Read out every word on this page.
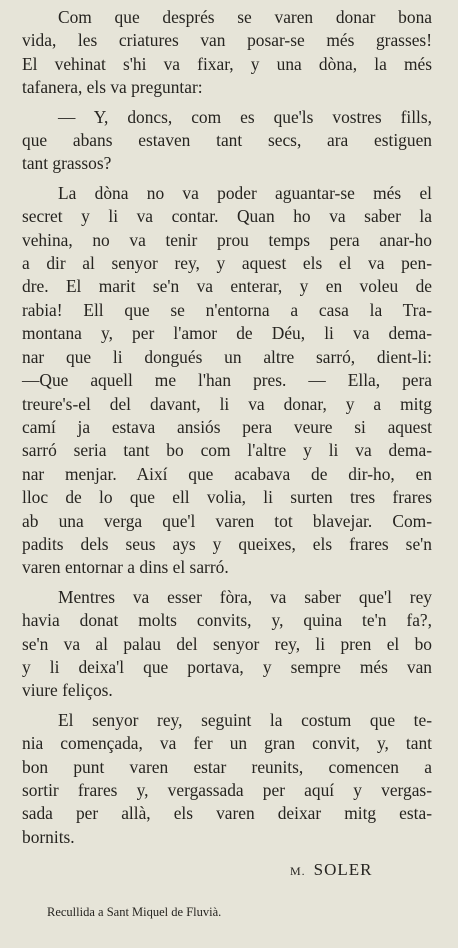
Com que després se varen donar bona
vida, les criatures van posar-se més grasses!
El vehinat s'hi va fixar, y una dòna, la més
tafanera, els va preguntar:
— Y, doncs, com es que'ls vostres fills,
que abans estaven tant secs, ara estiguen
tant grassos?
La dòna no va poder aguantar-se més el
secret y li va contar. Quan ho va saber la
vehina, no va tenir prou temps pera anar-ho
a dir al senyor rey, y aquest els el va pen-
dre. El marit se'n va enterar, y en voleu de
rabia! Ell que se n'entorna a casa la Tra-
montana y, per l'amor de Déu, li va dema-
nar que li dongués un altre sarró, dient-li:
—Que aquell me l'han pres. — Ella, pera
treure's-el del davant, li va donar, y a mitg
camí ja estava ansiós pera veure si aquest
sarró seria tant bo com l'altre y li va dema-
nar menjar. Així que acabava de dir-ho, en
lloc de lo que ell volia, li surten tres frares
ab una verga que'l varen tot blavejar. Com-
padits dels seus ays y queixes, els frares se'n
varen entornar a dins el sarró.
Mentres va esser fòra, va saber que'l rey
havia donat molts convits, y, quina te'n fa?,
se'n va al palau del senyor rey, li pren el bo
y li deixa'l que portava, y sempre més van
viure feliços.
El senyor rey, seguint la costum que te-
nia començada, va fer un gran convit, y, tant
bon punt varen estar reunits, comencen a
sortir frares y, vergassada per aquí y vergas-
sada per allà, els varen deixar mitg esta-
bornits.
M. SOLER
Recullida a Sant Miquel de Fluvià.
